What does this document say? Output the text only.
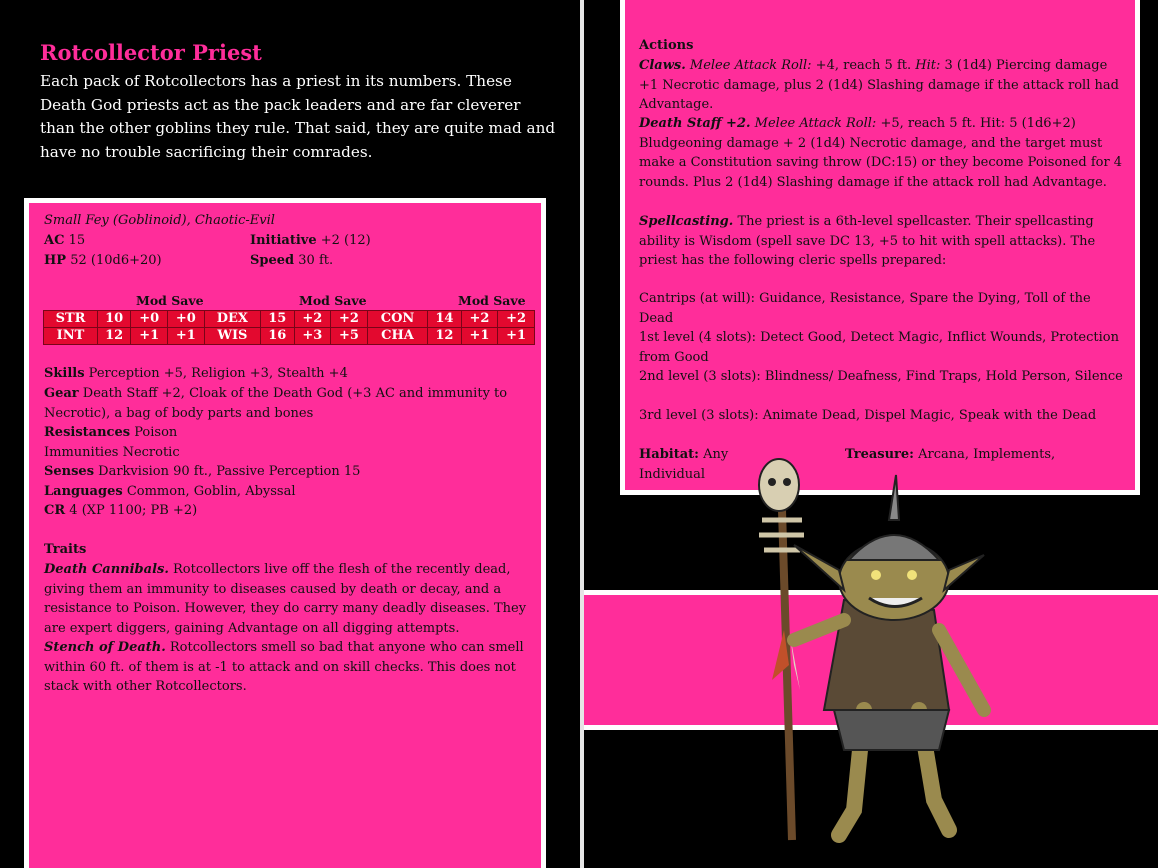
Rotcollector Priest
Each pack of Rotcollectors has a priest in its numbers. These Death God priests act as the pack leaders and are far cleverer than the other goblins they rule. That said, they are quite mad and have no trouble sacrificing their comrades.
Small Fey (Goblinoid), Chaotic-Evil
AC 15	Initiative +2 (12)
HP 52 (10d6+20)	Speed 30 ft.
Mod Save	Mod Save	Mod Save
STR	10	+0	+0	DEX	15	+2	+2	CON	14	+2	+2
INT	12	+1	+1	WIS	16	+3	+5	CHA	12	+1	+1
Skills Perception +5, Religion +3, Stealth +4
Gear Death Staff +2, Cloak of the Death God (+3 AC and immunity to Necrotic), a bag of body parts and bones
Resistances Poison
Immunities Necrotic
Senses Darkvision 90 ft., Passive Perception 15
Languages Common, Goblin, Abyssal
CR 4 (XP 1100; PB +2)
Traits
Death Cannibals. Rotcollectors live off the flesh of the recently dead, giving them an immunity to diseases caused by death or decay, and a resistance to Poison. However, they do carry many deadly diseases. They are expert diggers, gaining Advantage on all digging attempts.
Stench of Death. Rotcollectors smell so bad that anyone who can smell within 60 ft. of them is at -1 to attack and on skill checks. This does not stack with other Rotcollectors.
Actions
Claws. Melee Attack Roll: +4, reach 5 ft. Hit: 3 (1d4) Piercing damage +1 Necrotic damage, plus 2 (1d4) Slashing damage if the attack roll had Advantage.
Death Staff +2. Melee Attack Roll: +5, reach 5 ft. Hit: 5 (1d6+2) Bludgeoning damage + 2 (1d4) Necrotic damage, and the target must make a Constitution saving throw (DC:15) or they become Poisoned for 4 rounds. Plus 2 (1d4) Slashing damage if the attack roll had Advantage.
Spellcasting. The priest is a 6th-level spellcaster. Their spellcasting ability is Wisdom (spell save DC 13, +5 to hit with spell attacks). The priest has the following cleric spells prepared:
Cantrips (at will): Guidance, Resistance, Spare the Dying, Toll of the Dead
1st level (4 slots): Detect Good, Detect Magic, Inflict Wounds, Protection from Good
2nd level (3 slots): Blindness/ Deafness, Find Traps, Hold Person, Silence
3rd level (3 slots): Animate Dead, Dispel Magic, Speak with the Dead
Habitat: Any	Treasure: Arcana, Implements,
Individual
